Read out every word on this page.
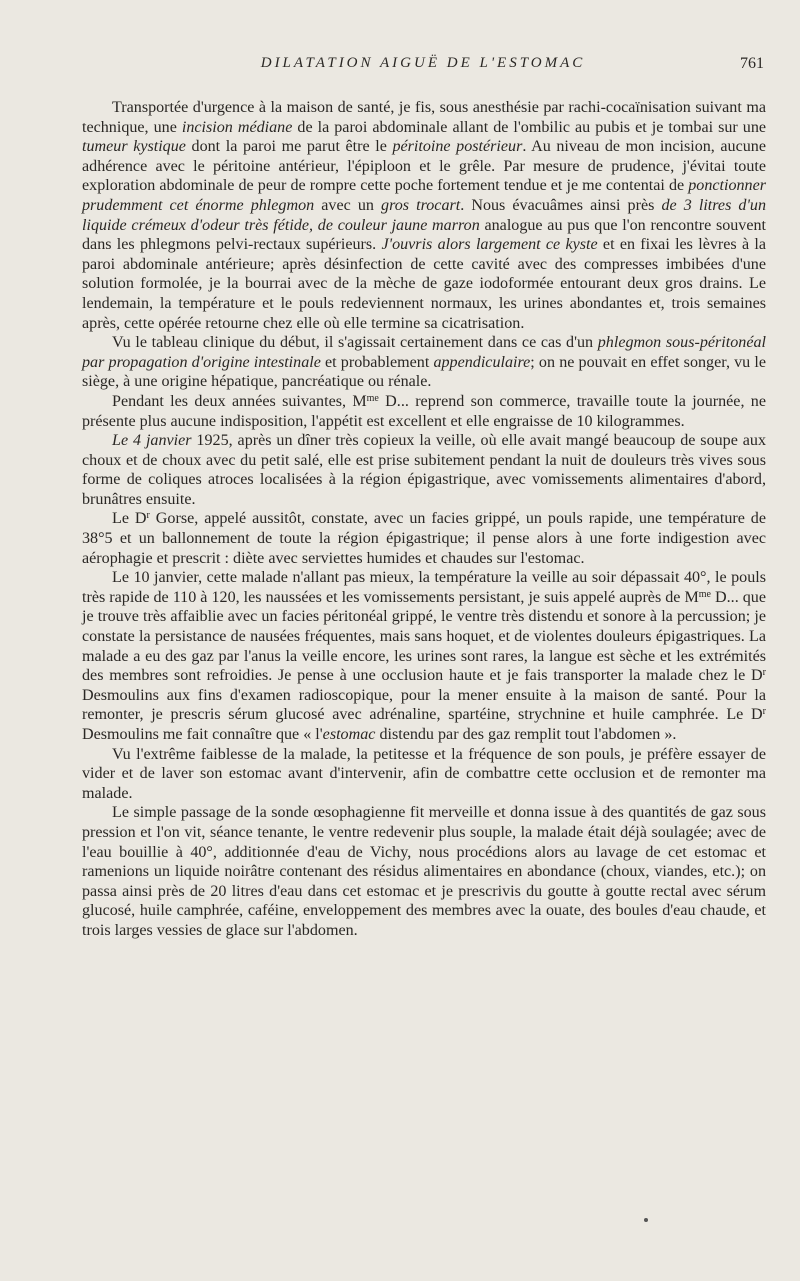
DILATATION AIGUË DE L'ESTOMAC	761

Transportée d'urgence à la maison de santé, je fis, sous anesthésie par rachi-cocaïnisation suivant ma technique, une incision médiane de la paroi abdominale allant de l'ombilic au pubis et je tombai sur une tumeur kystique dont la paroi me parut être le péritoine postérieur. Au niveau de mon incision, aucune adhérence avec le péritoine antérieur, l'épiploon et le grêle. Par mesure de prudence, j'évitai toute exploration abdominale de peur de rompre cette poche fortement tendue et je me contentai de ponctionner prudemment cet énorme phlegmon avec un gros trocart. Nous évacuâmes ainsi près de 3 litres d'un liquide crémeux d'odeur très fétide, de couleur jaune marron analogue au pus que l'on rencontre souvent dans les phlegmons pelvi-rectaux supérieurs. J'ouvris alors largement ce kyste et en fixai les lèvres à la paroi abdominale antérieure; après désinfection de cette cavité avec des compresses imbibées d'une solution formolée, je la bourrai avec de la mèche de gaze iodoformée entourant deux gros drains. Le lendemain, la température et le pouls redeviennent normaux, les urines abondantes et, trois semaines après, cette opérée retourne chez elle où elle termine sa cicatrisation.

Vu le tableau clinique du début, il s'agissait certainement dans ce cas d'un phlegmon sous-péritonéal par propagation d'origine intestinale et probablement appendiculaire; on ne pouvait en effet songer, vu le siège, à une origine hépatique, pancréatique ou rénale.

Pendant les deux années suivantes, $M^{me}$ D... reprend son commerce, travaille toute la journée, ne présente plus aucune indisposition, l'appétit est excellent et elle engraisse de 10 kilogrammes.

Le 4 janvier 1925, après un dîner très copieux la veille, où elle avait mangé beaucoup de soupe aux choux et de choux avec du petit salé, elle est prise subitement pendant la nuit de douleurs très vives sous forme de coliques atroces localisées à la région épigastrique, avec vomissements alimentaires d'abord, brunâtres ensuite.

Le $D^r$ Gorse, appelé aussitôt, constate, avec un facies grippé, un pouls rapide, une température de 38°5 et un ballonnement de toute la région épigastrique; il pense alors à une forte indigestion avec aérophagie et prescrit : diète avec serviettes humides et chaudes sur l'estomac.

Le 10 janvier, cette malade n'allant pas mieux, la température la veille au soir dépassait 40°, le pouls très rapide de 110 à 120, les naussées et les vomissements persistant, je suis appelé auprès de $M^{me}$ D... que je trouve très affaiblie avec un facies péritonéal grippé, le ventre très distendu et sonore à la percussion; je constate la persistance de nausées fréquentes, mais sans hoquet, et de violentes douleurs épigastriques. La malade a eu des gaz par l'anus la veille encore, les urines sont rares, la langue est sèche et les extrémités des membres sont refroidies. Je pense à une occlusion haute et je fais transporter la malade chez le $D^r$ Desmoulins aux fins d'examen radioscopique, pour la mener ensuite à la maison de santé. Pour la remonter, je prescris sérum glucosé avec adrénaline, spartéine, strychnine et huile camphrée. Le $D^r$ Desmoulins me fait connaître que « l'estomac distendu par des gaz remplit tout l'abdomen ».

Vu l'extrême faiblesse de la malade, la petitesse et la fréquence de son pouls, je préfère essayer de vider et de laver son estomac avant d'intervenir, afin de combattre cette occlusion et de remonter ma malade.

Le simple passage de la sonde œsophagienne fit merveille et donna issue à des quantités de gaz sous pression et l'on vit, séance tenante, le ventre redevenir plus souple, la malade était déjà soulagée; avec de l'eau bouillie à 40°, additionnée d'eau de Vichy, nous procédions alors au lavage de cet estomac et ramenions un liquide noirâtre contenant des résidus alimentaires en abondance (choux, viandes, etc.); on passa ainsi près de 20 litres d'eau dans cet estomac et je prescrivis du goutte à goutte rectal avec sérum glucosé, huile camphrée, caféine, enveloppement des membres avec la ouate, des boules d'eau chaude, et trois larges vessies de glace sur l'abdomen.
